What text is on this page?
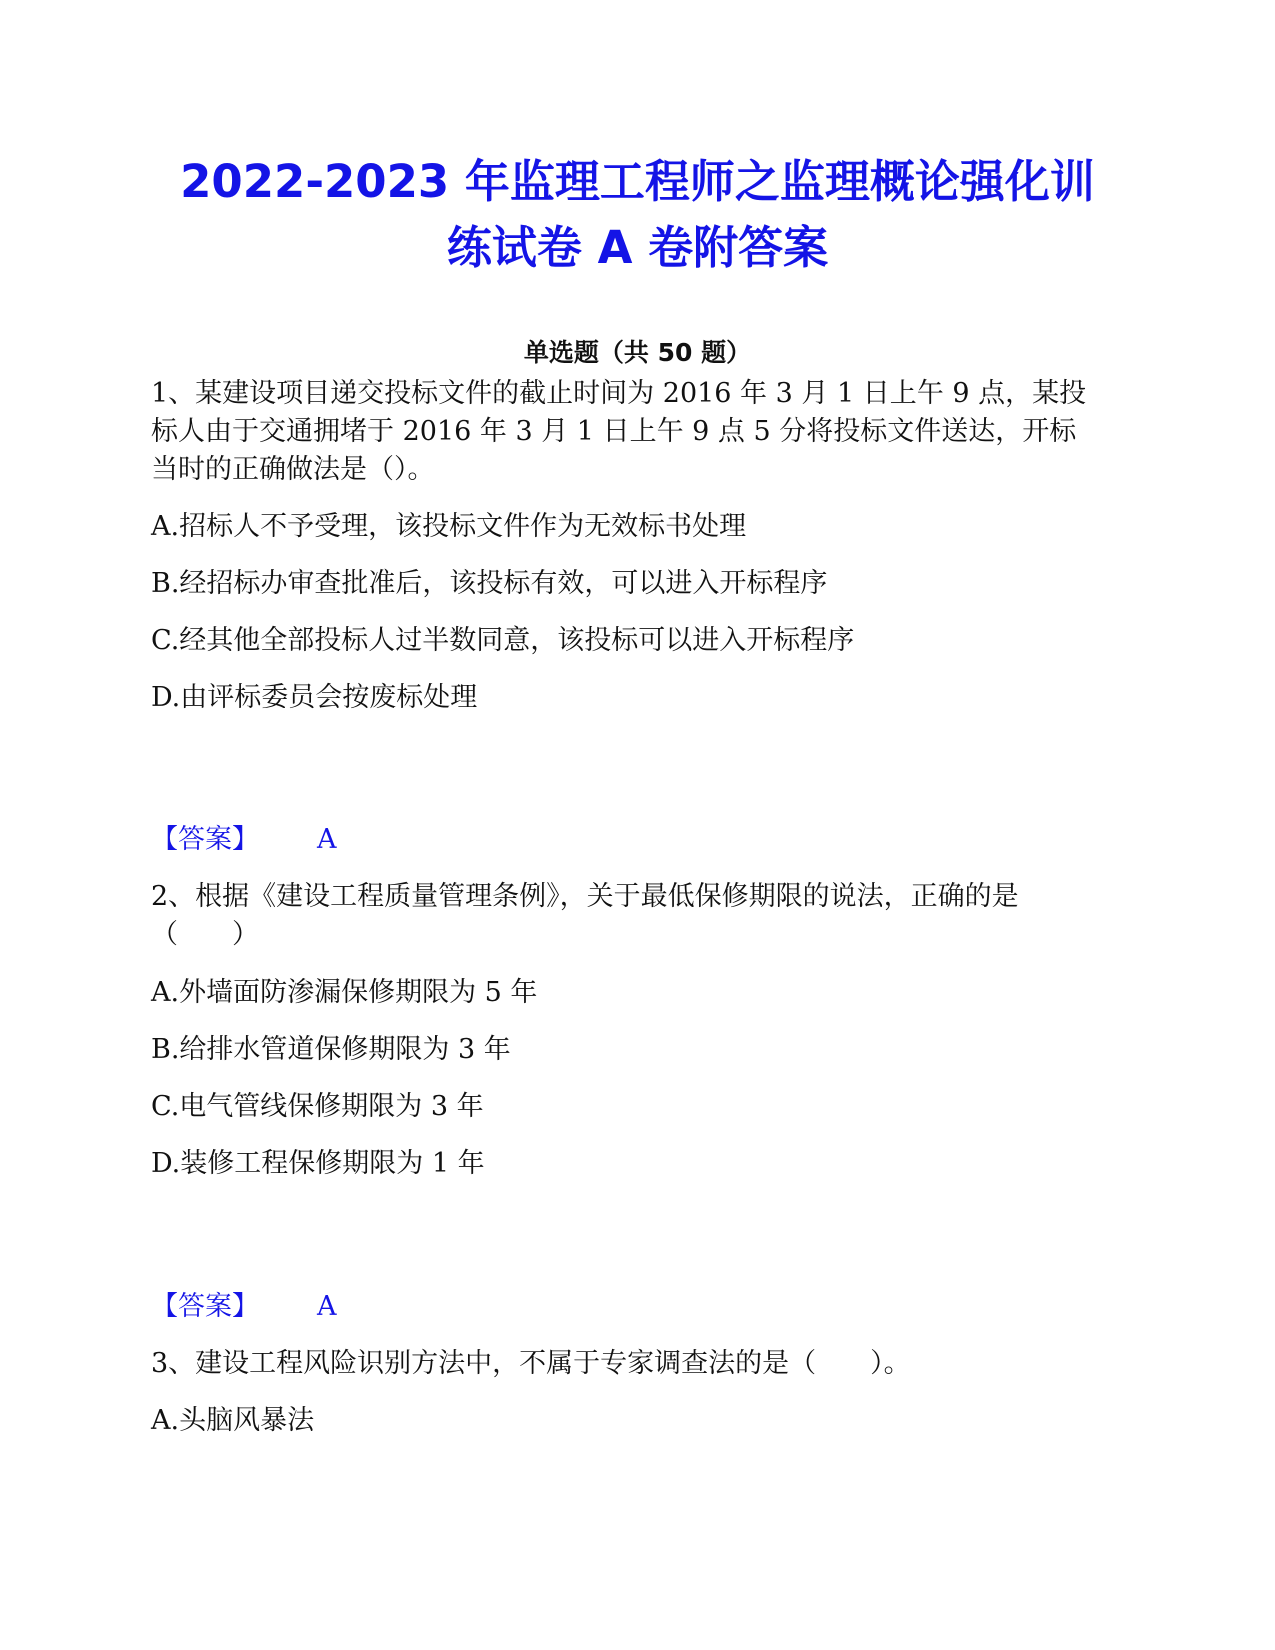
2022-2023 年监理工程师之监理概论强化训
练试卷 A 卷附答案
单选题（共 50 题）

1、某建设项目递交投标文件的截止时间为 2016 年 3 月 1 日上午 9 点，某投

标人由于交通拥堵于 2016 年 3 月 1 日上午 9 点 5 分将投标文件送达，开标

当时的正确做法是（）。

A.招标人不予受理，该投标文件作为无效标书处理

B.经招标办审查批准后，该投标有效，可以进入开标程序

C.经其他全部投标人过半数同意，该投标可以进入开标程序

D.由评标委员会按废标处理

【答案】 A

2、根据《建设工程质量管理条例》，关于最低保修期限的说法，正确的是

（　　）

A.外墙面防渗漏保修期限为 5 年

B.给排水管道保修期限为 3 年

C.电气管线保修期限为 3 年

D.装修工程保修期限为 1 年

【答案】 A

3、建设工程风险识别方法中，不属于专家调查法的是（　　）。

A.头脑风暴法
